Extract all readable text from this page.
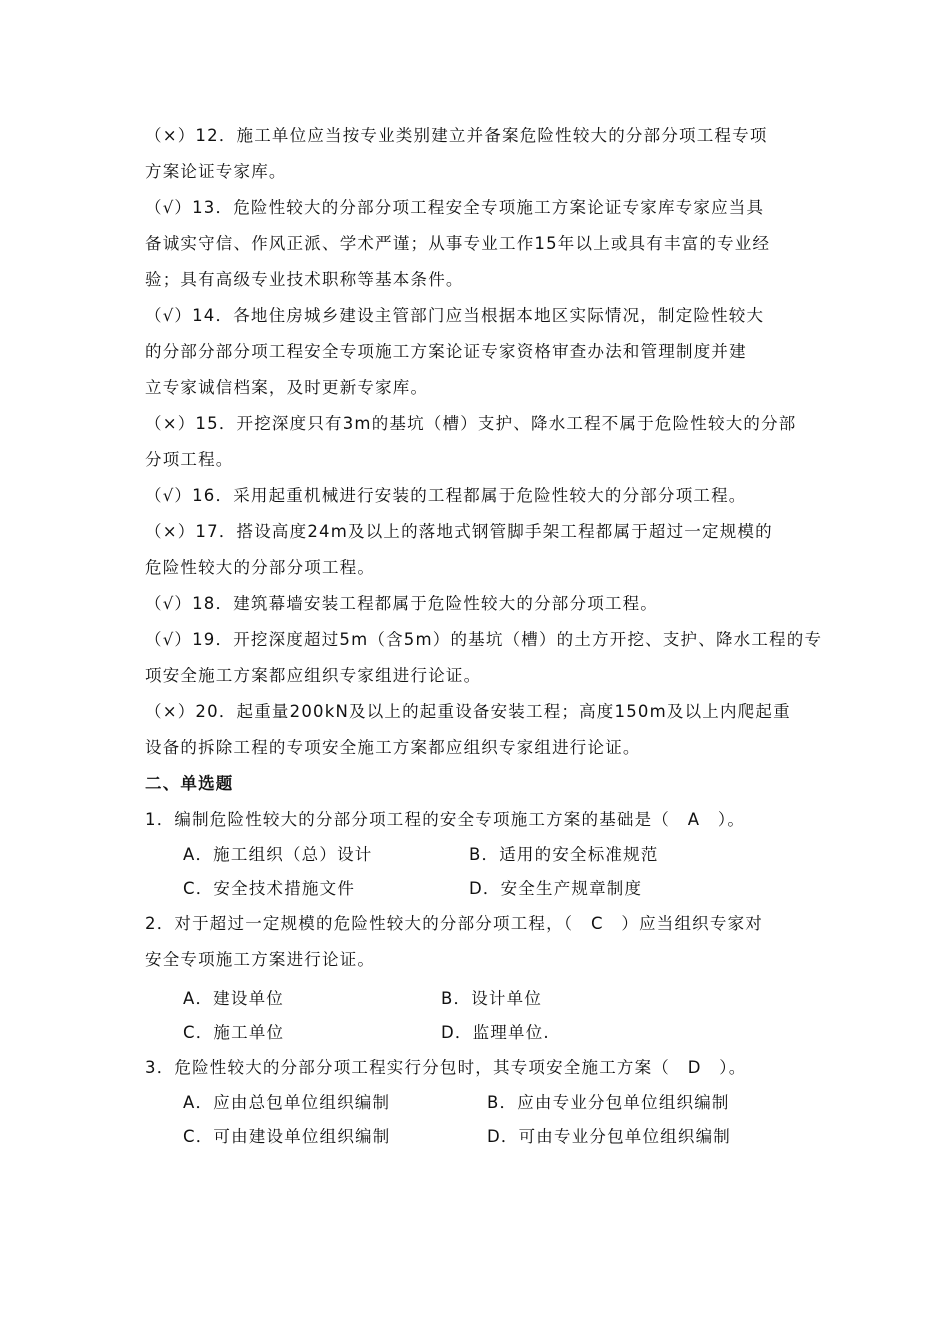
（×）12．施工单位应当按专业类别建立并备案危险性较大的分部分项工程专项
方案论证专家库。
（√）13．危险性较大的分部分项工程安全专项施工方案论证专家库专家应当具
备诚实守信、作风正派、学术严谨；从事专业工作15年以上或具有丰富的专业经
验；具有高级专业技术职称等基本条件。
（√）14．各地住房城乡建设主管部门应当根据本地区实际情况，制定险性较大
的分部分部分项工程安全专项施工方案论证专家资格审查办法和管理制度并建
立专家诚信档案，及时更新专家库。
（×）15．开挖深度只有3m的基坑（槽）支护、降水工程不属于危险性较大的分部
分项工程。
（√）16．采用起重机械进行安装的工程都属于危险性较大的分部分项工程。
（×）17．搭设高度24m及以上的落地式钢管脚手架工程都属于超过一定规模的
危险性较大的分部分项工程。
（√）18．建筑幕墙安装工程都属于危险性较大的分部分项工程。
（√）19．开挖深度超过5m（含5m）的基坑（槽）的土方开挖、支护、降水工程的专
项安全施工方案都应组织专家组进行论证。
（×）20．起重量200kN及以上的起重设备安装工程；高度150m及以上内爬起重
设备的拆除工程的专项安全施工方案都应组织专家组进行论证。
二、单选题
1．编制危险性较大的分部分项工程的安全专项施工方案的基础是（　A　）。
A．施工组织（总）设计	B．适用的安全标准规范
C．安全技术措施文件	D．安全生产规章制度
2．对于超过一定规模的危险性较大的分部分项工程，（　C　）应当组织专家对
安全专项施工方案进行论证。
A．建设单位	B．设计单位
C．施工单位	D．监理单位.
3．危险性较大的分部分项工程实行分包时，其专项安全施工方案（　D　）。
A．应由总包单位组织编制	B．应由专业分包单位组织编制
C．可由建设单位组织编制	D．可由专业分包单位组织编制
